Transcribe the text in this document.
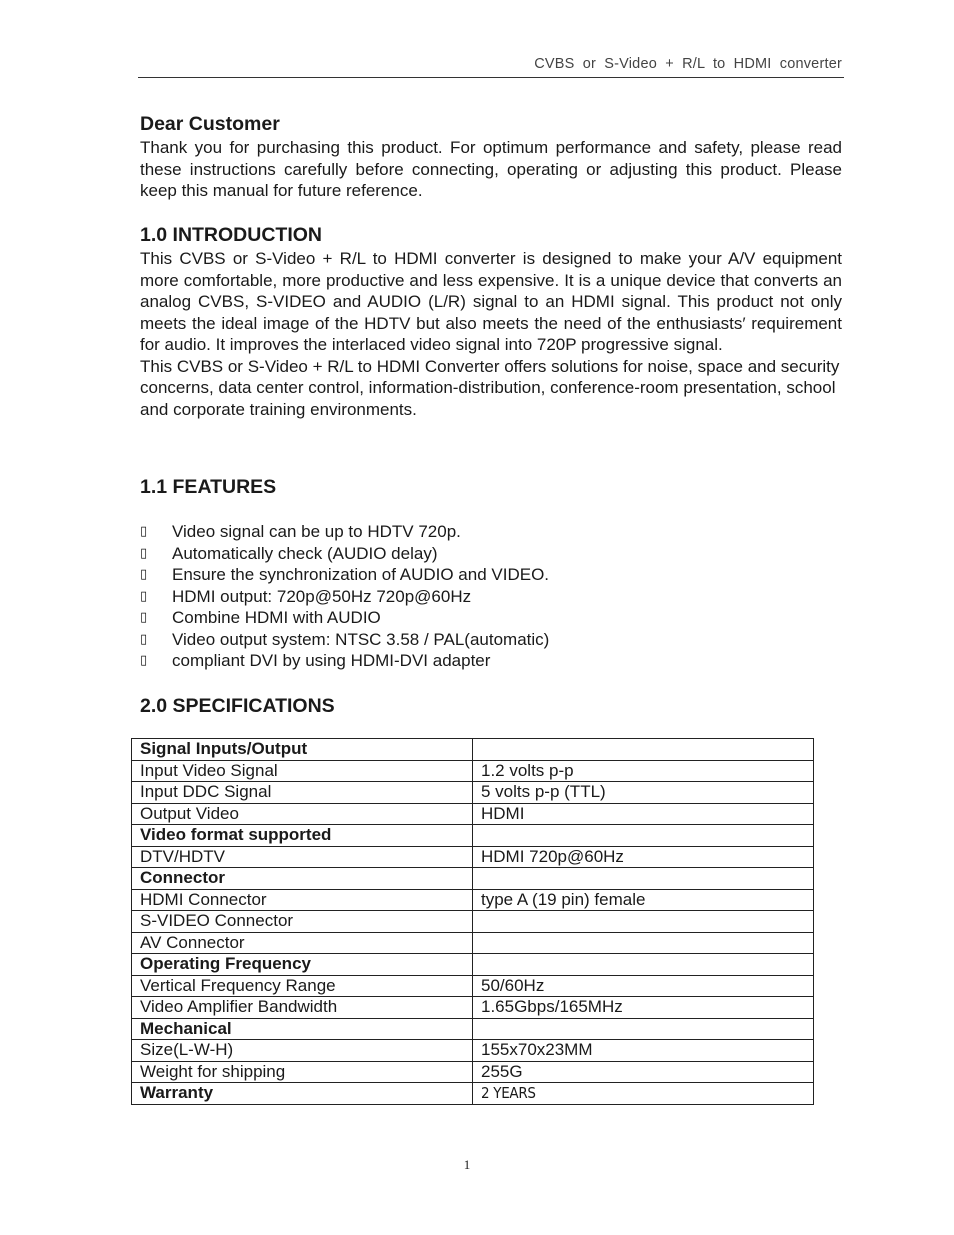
CVBS or S-Video + R/L to HDMI converter
Dear Customer

Thank you for purchasing this product. For optimum performance and safety, please read these instructions carefully before connecting, operating or adjusting this product. Please keep this manual for future reference.

1.0 INTRODUCTION

This CVBS or S-Video + R/L to HDMI converter is designed to make your A/V equipment more comfortable, more productive and less expensive. It is a unique device that converts an analog CVBS, S-VIDEO and AUDIO (L/R) signal to an HDMI signal. This product not only meets the ideal image of the HDTV but also meets the need of the enthusiasts′ requirement for audio. It improves the interlaced video signal into 720P progressive signal.

This CVBS or S-Video + R/L to HDMI Converter offers solutions for noise, space and security concerns, data center control, information-distribution, conference-room presentation, school and corporate training environments.

1.1 FEATURES
▯ Video signal can be up to HDTV 720p.
▯ Automatically check (AUDIO delay)
▯ Ensure the synchronization of AUDIO and VIDEO.
▯ HDMI output: 720p@50Hz 720p@60Hz
▯ Combine HDMI with AUDIO
▯ Video output system: NTSC 3.58 / PAL(automatic)
▯ compliant DVI by using HDMI-DVI adapter
2.0 SPECIFICATIONS
Signal Inputs/Output	
Input Video Signal	1.2 volts p-p
Input DDC Signal	5 volts p-p (TTL)
Output Video	HDMI
Video format supported	
DTV/HDTV	HDMI 720p@60Hz
Connector	
HDMI Connector	type A (19 pin) female
S-VIDEO Connector	
AV Connector	
Operating Frequency	
Vertical Frequency Range	50/60Hz
Video Amplifier Bandwidth	1.65Gbps/165MHz
Mechanical	
Size(L-W-H)	155x70x23MM
Weight for shipping	255G
Warranty	2 YEARS
1
